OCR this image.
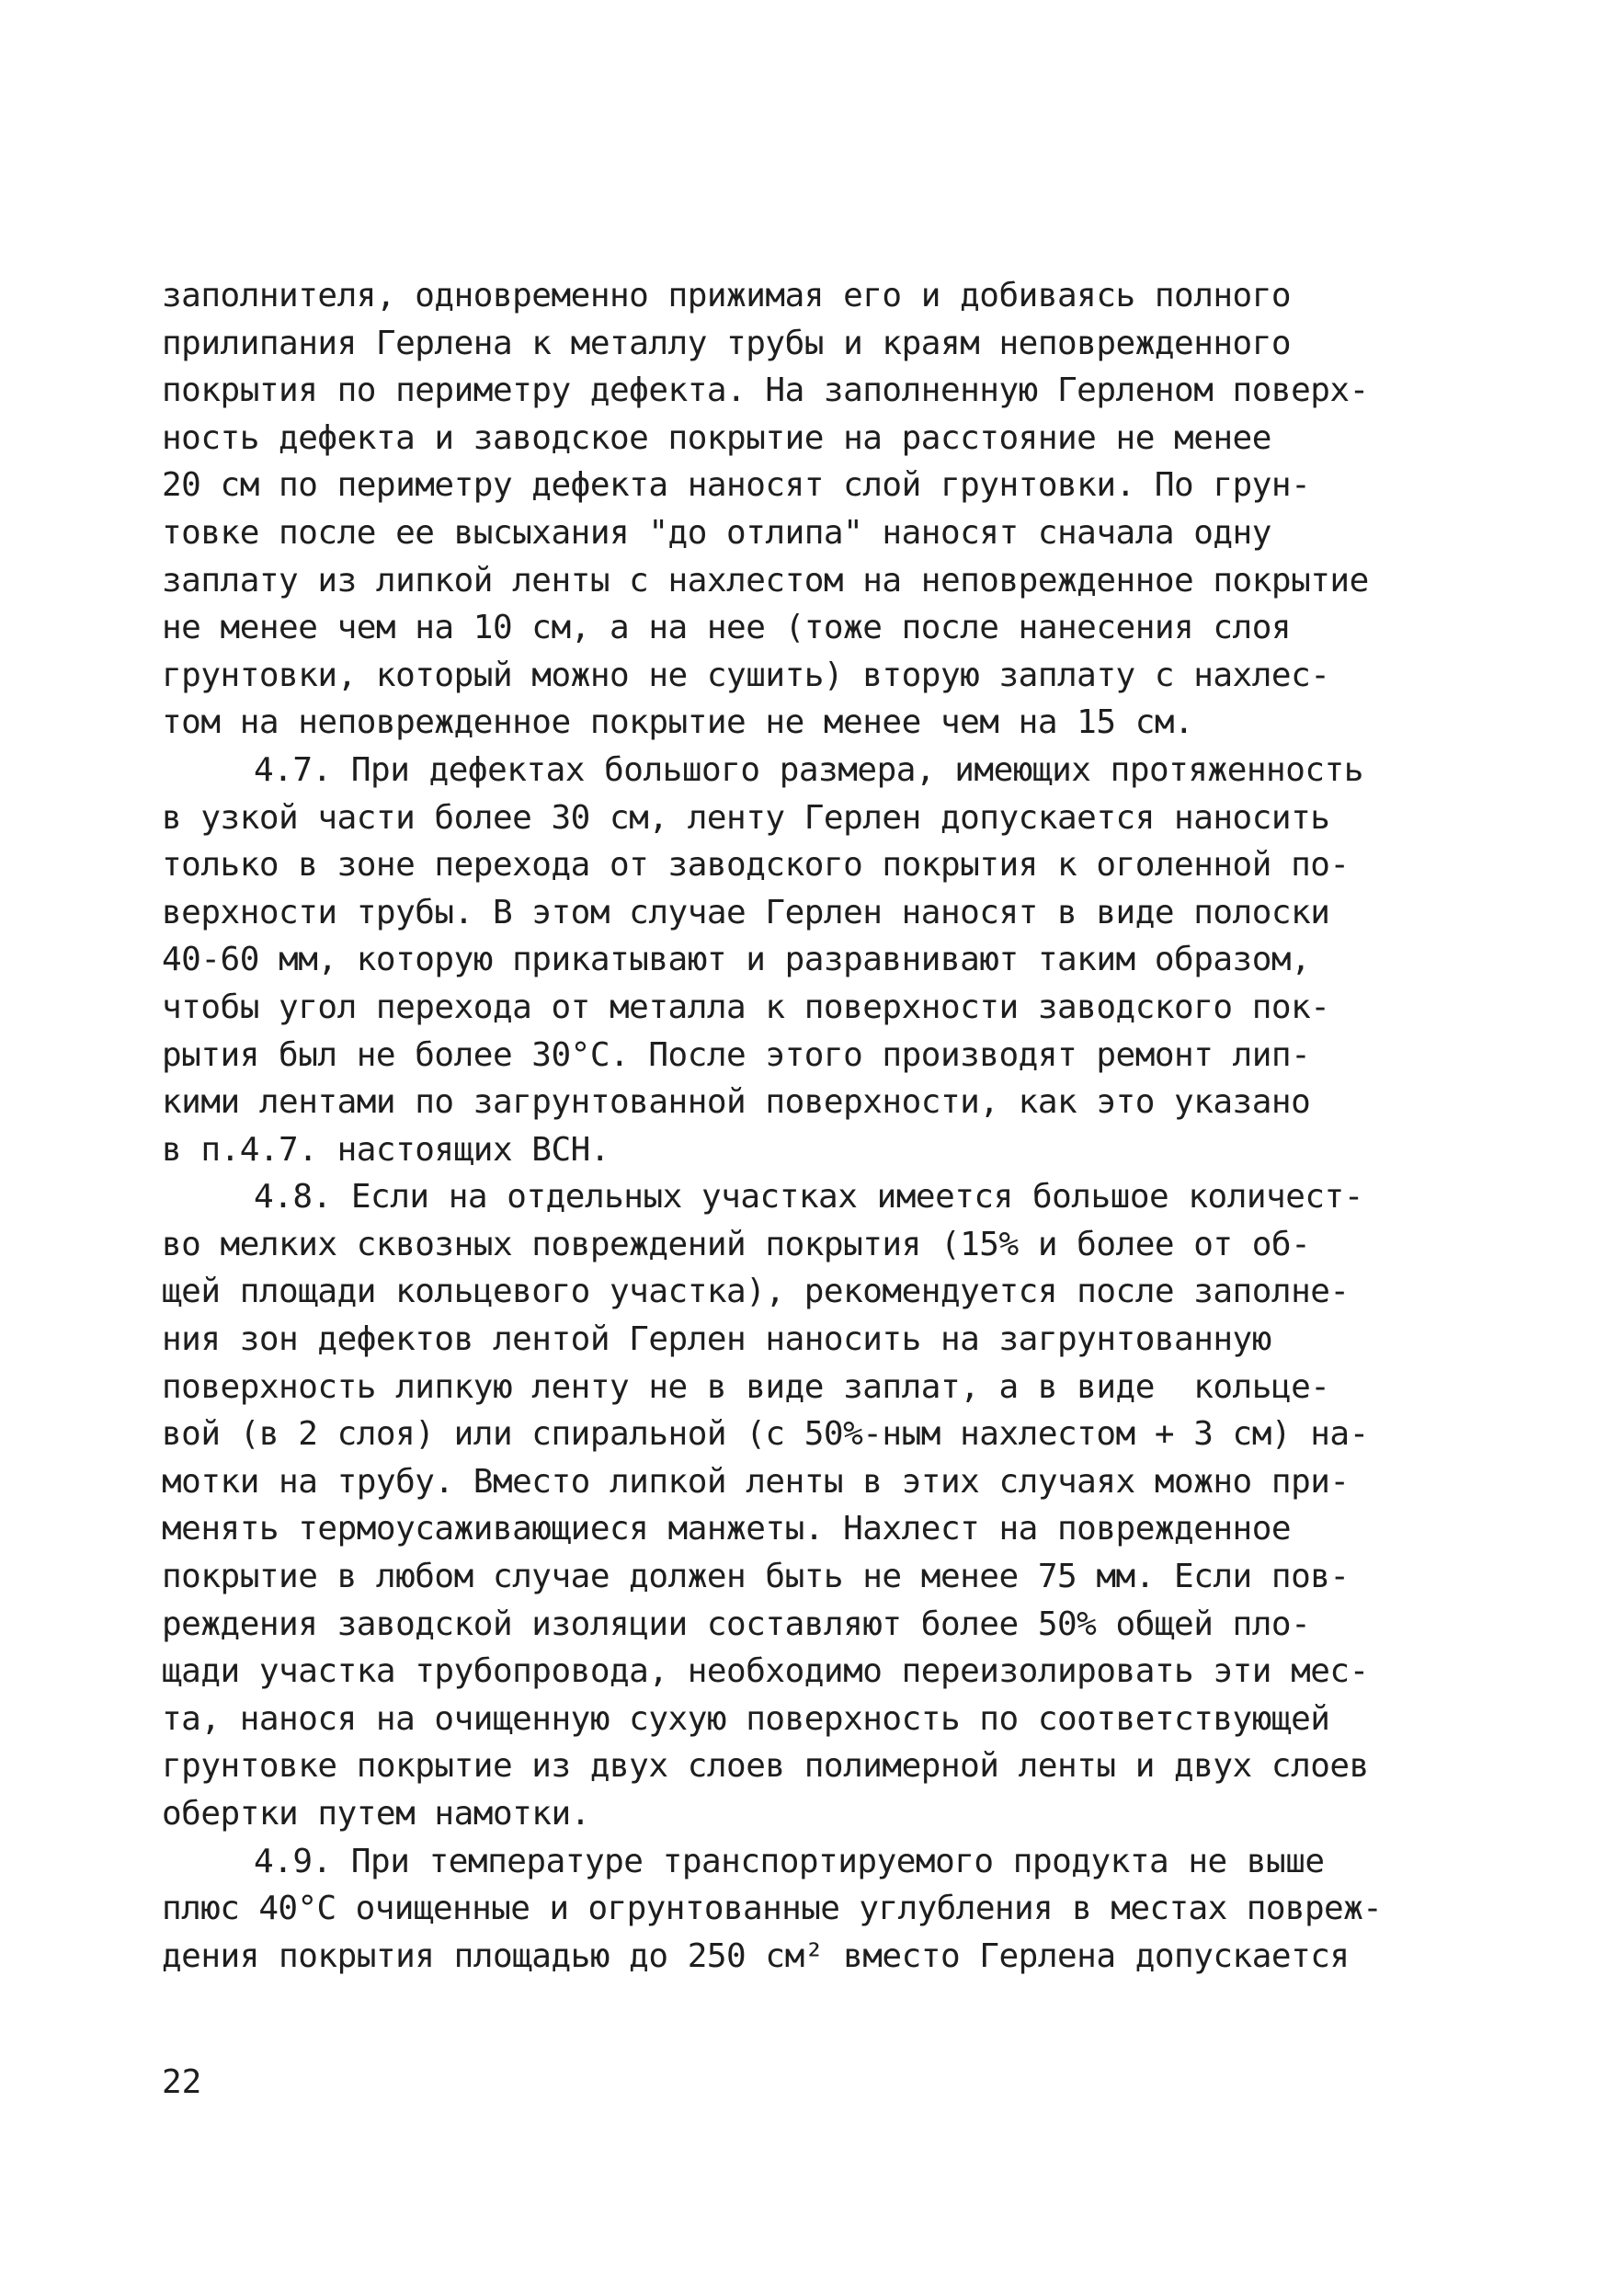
заполнителя, одновременно прижимая его и добиваясь полного
прилипания Герлена к металлу трубы и краям неповрежденного
покрытия по периметру дефекта. На заполненную Герленом поверх-
ность дефекта и заводское покрытие на расстояние не менее
20 см по периметру дефекта наносят слой грунтовки. По грун-
товке после ее высыхания "до отлипа" наносят сначала одну
заплату из липкой ленты с нахлестом на неповрежденное покрытие
не менее чем на 10 см, а на нее (тоже после нанесения слоя
грунтовки, который можно не сушить) вторую заплату с нахлес-
том на неповрежденное покрытие не менее чем на 15 см.
4.7. При дефектах большого размера, имеющих протяженность
в узкой части более 30 см, ленту Герлен допускается наносить
только в зоне перехода от заводского покрытия к оголенной по-
верхности трубы. В этом случае Герлен наносят в виде полоски
40-60 мм, которую прикатывают и разравнивают таким образом,
чтобы угол перехода от металла к поверхности заводского пок-
рытия был не более 30°С. После этого производят ремонт лип-
кими лентами по загрунтованной поверхности, как это указано
в п.4.7. настоящих ВСН.
4.8. Если на отдельных участках имеется большое количест-
во мелких сквозных повреждений покрытия (15% и более от об-
щей площади кольцевого участка), рекомендуется после заполне-
ния зон дефектов лентой Герлен наносить на загрунтованную
поверхность липкую ленту не в виде заплат, а в виде  кольце-
вой (в 2 слоя) или спиральной (с 50%-ным нахлестом + 3 см) на-
мотки на трубу. Вместо липкой ленты в этих случаях можно при-
менять термоусаживающиеся манжеты. Нахлест на поврежденное
покрытие в любом случае должен быть не менее 75 мм. Если пов-
реждения заводской изоляции составляют более 50% общей пло-
щади участка трубопровода, необходимо переизолировать эти мес-
та, нанося на очищенную сухую поверхность по соответствующей
грунтовке покрытие из двух слоев полимерной ленты и двух слоев
обертки путем намотки.
4.9. При температуре транспортируемого продукта не выше
плюс 40°С очищенные и огрунтованные углубления в местах повреж-
дения покрытия площадью до 250 см² вместо Герлена допускается
22
